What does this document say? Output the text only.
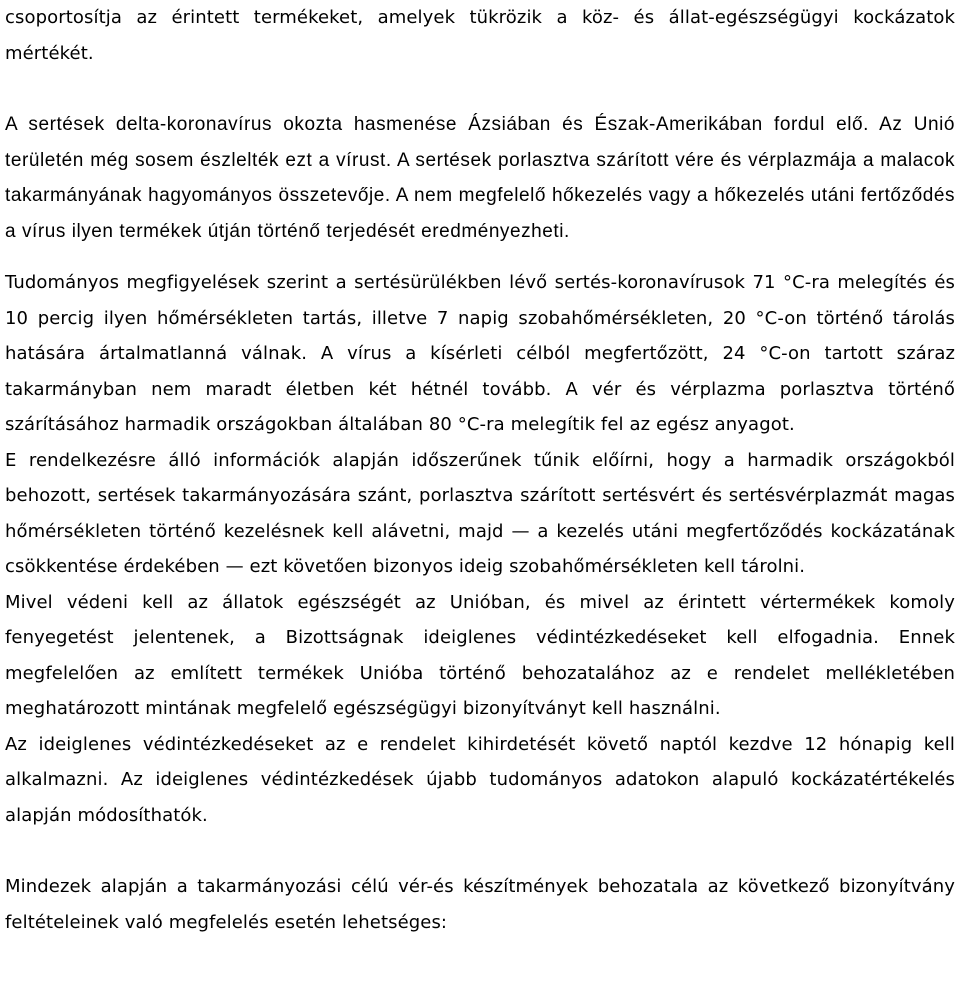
csoportosítja az érintett termékeket, amelyek tükrözik a köz- és állat-egészségügyi kockázatok mértékét.

A sertések delta-koronavírus okozta hasmenése Ázsiában és Észak-Amerikában fordul elő. Az Unió területén még sosem észlelték ezt a vírust. A sertések porlasztva szárított vére és vérplazmája a malacok takarmányának hagyományos összetevője. A nem megfelelő hőkezelés vagy a hőkezelés utáni fertőződés a vírus ilyen termékek útján történő terjedését eredményezheti.

Tudományos megfigyelések szerint a sertésürülékben lévő sertés-koronavírusok 71 °C-ra melegítés és 10 percig ilyen hőmérsékleten tartás, illetve 7 napig szobahőmérsékleten, 20 °C-on történő tárolás hatására ártalmatlanná válnak. A vírus a kísérleti célból megfertőzött, 24 °C-on tartott száraz takarmányban nem maradt életben két hétnél tovább. A vér és vérplazma porlasztva történő szárításához harmadik országokban általában 80 °C-ra melegítik fel az egész anyagot.

E rendelkezésre álló információk alapján időszerűnek tűnik előírni, hogy a harmadik országokból behozott, sertések takarmányozására szánt, porlasztva szárított sertésvért és sertésvérplazmát magas hőmérsékleten történő kezelésnek kell alávetni, majd — a kezelés utáni megfertőződés kockázatának csökkentése érdekében — ezt követően bizonyos ideig szobahőmérsékleten kell tárolni.

Mivel védeni kell az állatok egészségét az Unióban, és mivel az érintett vértermékek komoly fenyegetést jelentenek, a Bizottságnak ideiglenes védintézkedéseket kell elfogadnia. Ennek megfelelően az említett termékek Unióba történő behozatalához az e rendelet mellékletében meghatározott mintának megfelelő egészségügyi bizonyítványt kell használni.

Az ideiglenes védintézkedéseket az e rendelet kihirdetését követő naptól kezdve 12 hónapig kell alkalmazni. Az ideiglenes védintézkedések újabb tudományos adatokon alapuló kockázatértékelés alapján módosíthatók.

Mindezek alapján a takarmányozási célú vér-és készítmények behozatala az következő bizonyítvány feltételeinek való megfelelés esetén lehetséges:
